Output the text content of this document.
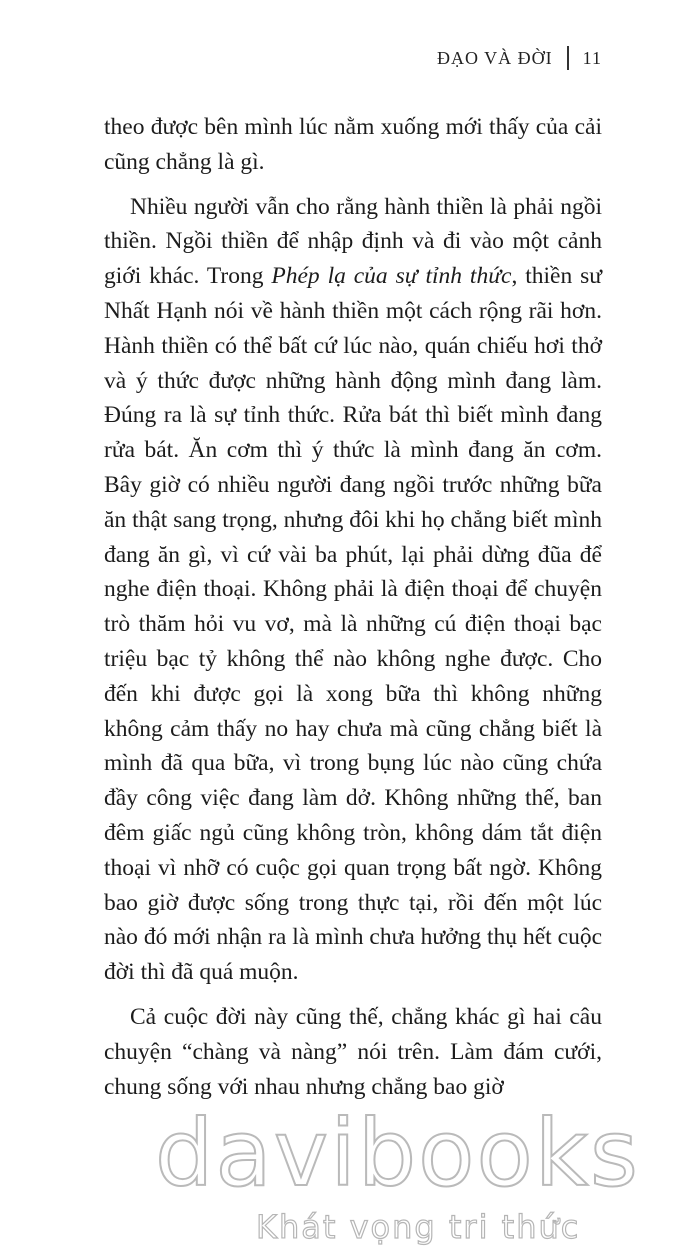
ĐẠO VÀ ĐỜI 11

theo được bên mình lúc nằm xuống mới thấy của cải cũng chẳng là gì.

Nhiều người vẫn cho rằng hành thiền là phải ngồi thiền. Ngồi thiền để nhập định và đi vào một cảnh giới khác. Trong Phép lạ của sự tỉnh thức, thiền sư Nhất Hạnh nói về hành thiền một cách rộng rãi hơn. Hành thiền có thể bất cứ lúc nào, quán chiếu hơi thở và ý thức được những hành động mình đang làm. Đúng ra là sự tỉnh thức. Rửa bát thì biết mình đang rửa bát. Ăn cơm thì ý thức là mình đang ăn cơm. Bây giờ có nhiều người đang ngồi trước những bữa ăn thật sang trọng, nhưng đôi khi họ chẳng biết mình đang ăn gì, vì cứ vài ba phút, lại phải dừng đũa để nghe điện thoại. Không phải là điện thoại để chuyện trò thăm hỏi vu vơ, mà là những cú điện thoại bạc triệu bạc tỷ không thể nào không nghe được. Cho đến khi được gọi là xong bữa thì không những không cảm thấy no hay chưa mà cũng chẳng biết là mình đã qua bữa, vì trong bụng lúc nào cũng chứa đầy công việc đang làm dở. Không những thế, ban đêm giấc ngủ cũng không tròn, không dám tắt điện thoại vì nhỡ có cuộc gọi quan trọng bất ngờ. Không bao giờ được sống trong thực tại, rồi đến một lúc nào đó mới nhận ra là mình chưa hưởng thụ hết cuộc đời thì đã quá muộn.

Cả cuộc đời này cũng thế, chẳng khác gì hai câu chuyện “chàng và nàng” nói trên. Làm đám cưới, chung sống với nhau nhưng chẳng bao giờ

davibooks
Khát vọng tri thức
